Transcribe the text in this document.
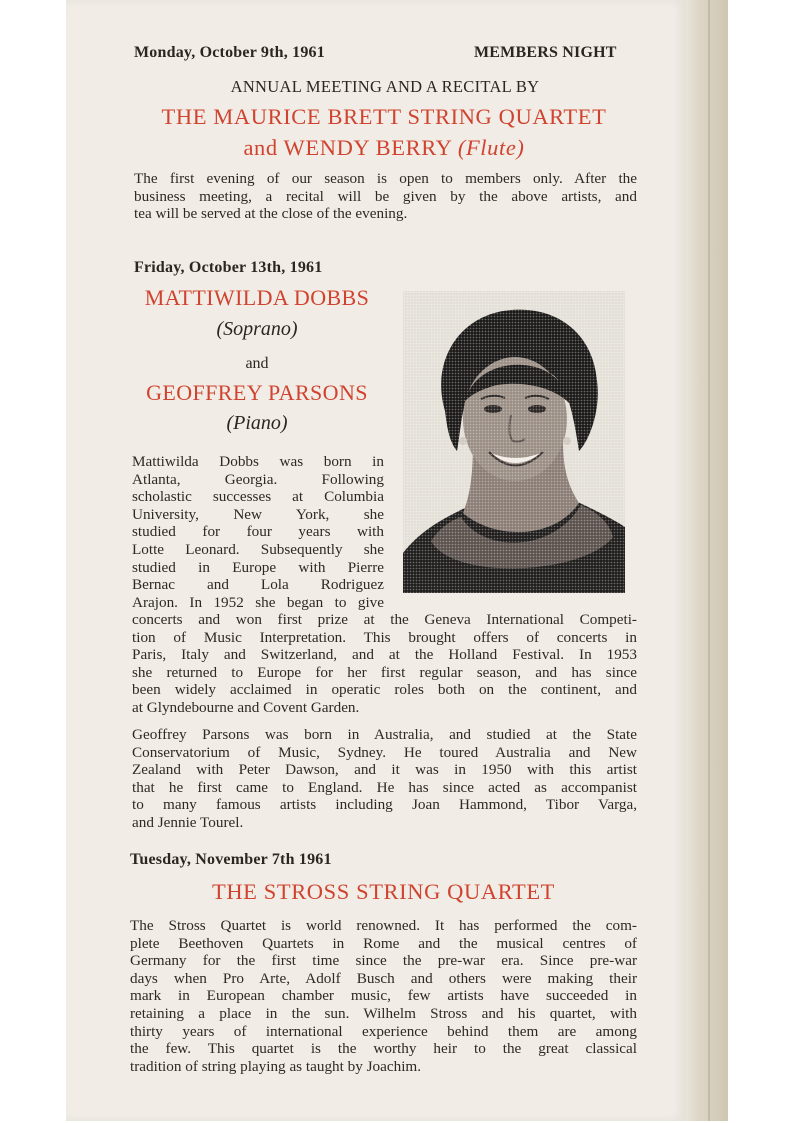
Monday, October 9th, 1961	MEMBERS NIGHT
ANNUAL MEETING AND A RECITAL BY
THE MAURICE BRETT STRING QUARTET
and WENDY BERRY (Flute)
The first evening of our season is open to members only. After the
business meeting, a recital will be given by the above artists, and
tea will be served at the close of the evening.
Friday, October 13th, 1961
MATTIWILDA DOBBS
(Soprano)
and
GEOFFREY PARSONS
(Piano)
Mattiwilda Dobbs was born in
Atlanta, Georgia. Following
scholastic successes at Columbia
University, New York, she
studied for four years with
Lotte Leonard. Subsequently she
studied in Europe with Pierre
Bernac and Lola Rodriguez
Arajon. In 1952 she began to give
concerts and won first prize at the Geneva International Competi-
tion of Music Interpretation. This brought offers of concerts in
Paris, Italy and Switzerland, and at the Holland Festival. In 1953
she returned to Europe for her first regular season, and has since
been widely acclaimed in operatic roles both on the continent, and
at Glyndebourne and Covent Garden.
Geoffrey Parsons was born in Australia, and studied at the State
Conservatorium of Music, Sydney. He toured Australia and New
Zealand with Peter Dawson, and it was in 1950 with this artist
that he first came to England. He has since acted as accompanist
to many famous artists including Joan Hammond, Tibor Varga,
and Jennie Tourel.
Tuesday, November 7th 1961
THE STROSS STRING QUARTET
The Stross Quartet is world renowned. It has performed the com-
plete Beethoven Quartets in Rome and the musical centres of
Germany for the first time since the pre-war era. Since pre-war
days when Pro Arte, Adolf Busch and others were making their
mark in European chamber music, few artists have succeeded in
retaining a place in the sun. Wilhelm Stross and his quartet, with
thirty years of international experience behind them are among
the few. This quartet is the worthy heir to the great classical
tradition of string playing as taught by Joachim.
